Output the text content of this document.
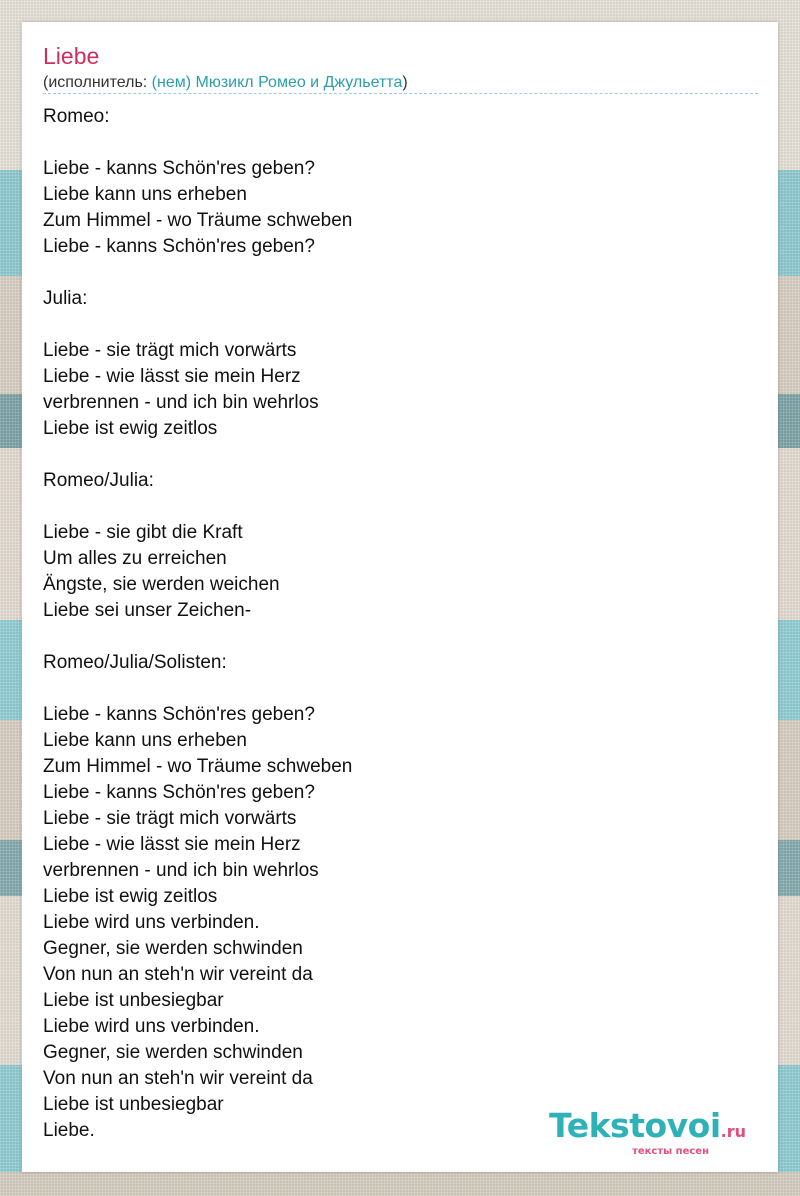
Liebe
(исполнитель: (нем) Мюзикл Ромео и Джульетта)
Romeo:
Liebe - kanns Schön'res geben?
Liebe kann uns erheben
Zum Himmel - wo Träume schweben
Liebe - kanns Schön'res geben?
Julia:
Liebe - sie trägt mich vorwärts
Liebe - wie lässt sie mein Herz
verbrennen - und ich bin wehrlos
Liebe ist ewig zeitlos
Romeo/Julia:
Liebe - sie gibt die Kraft
Um alles zu erreichen
Ängste, sie werden weichen
Liebe sei unser Zeichen-
Romeo/Julia/Solisten:
Liebe - kanns Schön'res geben?
Liebe kann uns erheben
Zum Himmel - wo Träume schweben
Liebe - kanns Schön'res geben?
Liebe - sie trägt mich vorwärts
Liebe - wie lässt sie mein Herz
verbrennen - und ich bin wehrlos
Liebe ist ewig zeitlos
Liebe wird uns verbinden.
Gegner, sie werden schwinden
Von nun an steh'n wir vereint da
Liebe ist unbesiegbar
Liebe wird uns verbinden.
Gegner, sie werden schwinden
Von nun an steh'n wir vereint da
Liebe ist unbesiegbar
Liebe.	Tekstovoi.ru
тексты песен
